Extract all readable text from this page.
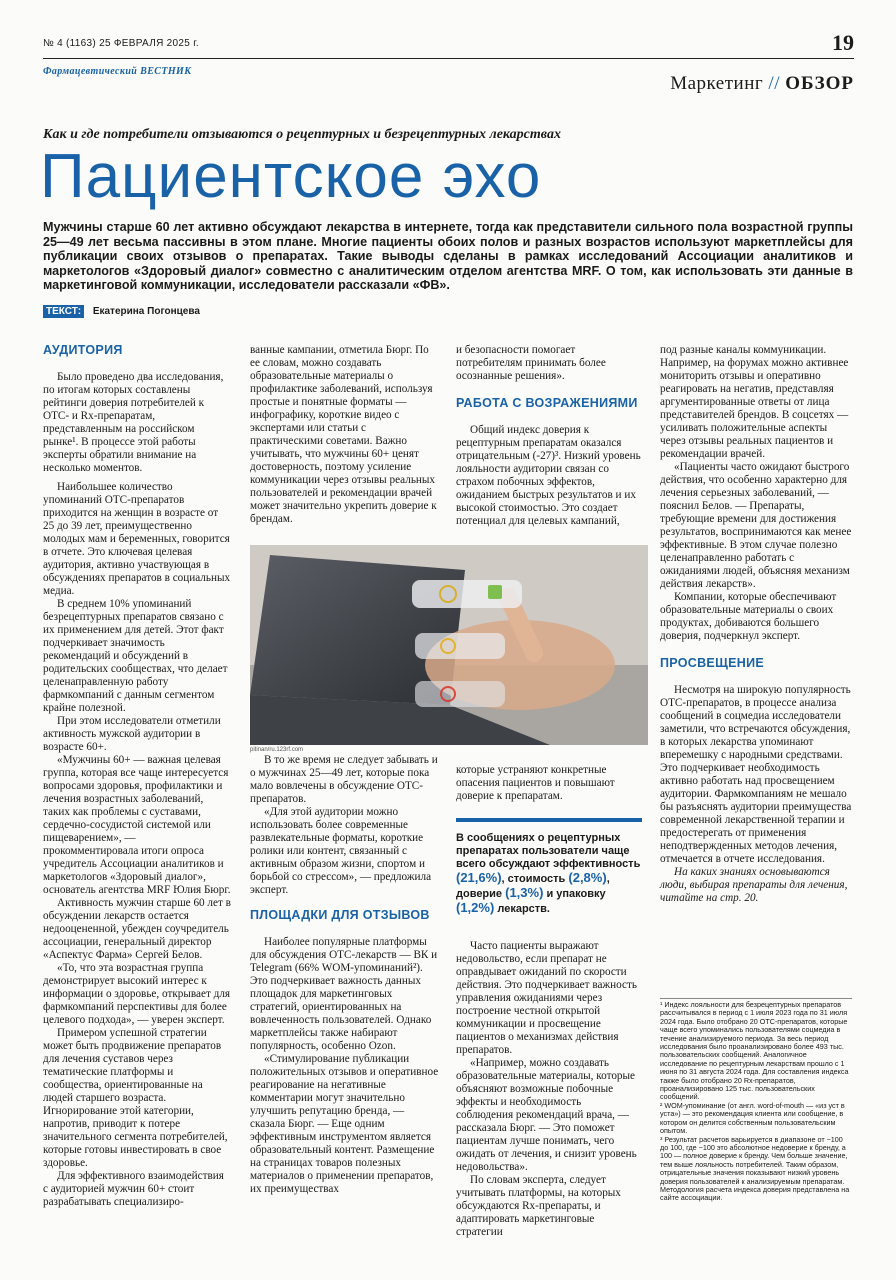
№ 4 (1163) 25 ФЕВРАЛЯ 2025 г.	19
Фармацевтический ВЕСТНИК
Маркетинг // ОБЗОР
Как и где потребители отзываются о рецептурных и безрецептурных лекарствах
Пациентское эхо
Мужчины старше 60 лет активно обсуждают лекарства в интернете, тогда как представители сильного пола возрастной группы 25—49 лет весьма пассивны в этом плане. Многие пациенты обоих полов и разных возрастов используют маркетплейсы для публикации своих отзывов о препаратах. Такие выводы сделаны в рамках исследований Ассоциации аналитиков и маркетологов «Здоровый диалог» совместно с аналитическим отделом агентства MRF. О том, как использовать эти данные в маркетинговой коммуникации, исследователи рассказали «ФВ».
ТЕКСТ: Екатерина Погонцева
АУДИТОРИЯ

Было проведено два исследования, по итогам которых составлены рейтинги доверия потребителей к ОТС- и Rx-препаратам, представленным на российском рынке¹. В процессе этой работы эксперты обратили внимание на несколько моментов.

Наибольшее количество упоминаний ОТС-препаратов приходится на женщин в возрасте от 25 до 39 лет, преимущественно молодых мам и беременных, говорится в отчете. Это ключевая целевая аудитория, активно участвующая в обсуждениях препаратов в социальных медиа.

В среднем 10% упоминаний безрецептурных препаратов связано с их применением для детей. Этот факт подчеркивает значимость рекомендаций и обсуждений в родительских сообществах, что делает целенаправленную работу фармкомпаний с данным сегментом крайне полезной.

При этом исследователи отметили активность мужской аудитории в возрасте 60+.

«Мужчины 60+ — важная целевая группа, которая все чаще интересуется вопросами здоровья, профилактики и лечения возрастных заболеваний, таких как проблемы с суставами, сердечно-сосудистой системой или пищеварением», — прокомментировала итоги опроса учредитель Ассоциации аналитиков и маркетологов «Здоровый диалог», основатель агентства MRF Юлия Бюрг.

Активность мужчин старше 60 лет в обсуждении лекарств остается недооцененной, убежден соучредитель ассоциации, генеральный директор «Аспектус Фарма» Сергей Белов.

«То, что эта возрастная группа демонстрирует высокий интерес к информации о здоровье, открывает для фармкомпаний перспективы для более целевого подхода», — уверен эксперт.

Примером успешной стратегии может быть продвижение препаратов для лечения суставов через тематические платформы и сообщества, ориентированные на людей старшего возраста. Игнорирование этой категории, напротив, приводит к потере значительного сегмента потребителей, которые готовы инвестировать в свое здоровье.

Для эффективного взаимодействия с аудиторией мужчин 60+ стоит разрабатывать специализиро-

ванные кампании, отметила Бюрг. По ее словам, можно создавать образовательные материалы о профилактике заболеваний, используя простые и понятные форматы — инфографику, короткие видео с экспертами или статьи с практическими советами. Важно учитывать, что мужчины 60+ ценят достоверность, поэтому усиление коммуникации через отзывы реальных пользователей и рекомендации врачей может значительно укрепить доверие к брендам.

В то же время не следует забывать и о мужчинах 25—49 лет, которые пока мало вовлечены в обсуждение ОТС-препаратов.

«Для этой аудитории можно использовать более современные развлекательные форматы, короткие ролики или контент, связанный с активным образом жизни, спортом и борьбой со стрессом», — предложила эксперт.

ПЛОЩАДКИ ДЛЯ ОТЗЫВОВ

Наиболее популярные платформы для обсуждения ОТС-лекарств — ВК и Telegram (66% WOM-упоминаний²). Это подчеркивает важность данных площадок для маркетинговых стратегий, ориентированных на вовлеченность пользователей. Однако маркетплейсы также набирают популярность, особенно Ozon.

«Стимулирование публикации положительных отзывов и оперативное реагирование на негативные комментарии могут значительно улучшить репутацию бренда, — сказала Бюрг. — Еще одним эффективным инструментом является образовательный контент. Размещение на страницах товаров полезных материалов о применении препаратов, их преимуществах

и безопасности помогает потребителям принимать более осознанные решения».

РАБОТА С ВОЗРАЖЕНИЯМИ

Общий индекс доверия к рецептурным препаратам оказался отрицательным (-27)³. Низкий уровень лояльности аудитории связан со страхом побочных эффектов, ожиданием быстрых результатов и их высокой стоимостью. Это создает потенциал для целевых кампаний,

которые устраняют конкретные опасения пациентов и повышают доверие к препаратам.

В сообщениях о рецептурных препаратах пользователи чаще всего обсуждают эффективность (21,6%), стоимость (2,8%), доверие (1,3%) и упаковку (1,2%) лекарств.

Часто пациенты выражают недовольство, если препарат не оправдывает ожиданий по скорости действия. Это подчеркивает важность управления ожиданиями через построение честной открытой коммуникации и просвещение пациентов о механизмах действия препаратов.

«Например, можно создавать образовательные материалы, которые объясняют возможные побочные эффекты и необходимость соблюдения рекомендаций врача, — рассказала Бюрг. — Это поможет пациентам лучше понимать, чего ожидать от лечения, и снизит уровень недовольства».

По словам эксперта, следует учитывать платформы, на которых обсуждаются Rx-препараты, и адаптировать маркетинговые стратегии

под разные каналы коммуникации. Например, на форумах можно активнее мониторить отзывы и оперативно реагировать на негатив, представляя аргументированные ответы от лица представителей брендов. В соцсетях — усиливать положительные аспекты через отзывы реальных пациентов и рекомендации врачей.

«Пациенты часто ожидают быстрого действия, что особенно характерно для лечения серьезных заболеваний, — пояснил Белов. — Препараты, требующие времени для достижения результатов, воспринимаются как менее эффективные. В этом случае полезно целенаправленно работать с ожиданиями людей, объясняя механизм действия лекарств».

Компании, которые обеспечивают образовательные материалы о своих продуктах, добиваются большего доверия, подчеркнул эксперт.

ПРОСВЕЩЕНИЕ

Несмотря на широкую популярность ОТС-препаратов, в процессе анализа сообщений в соцмедиа исследователи заметили, что встречаются обсуждения, в которых лекарства упоминают вперемешку с народными средствами. Это подчеркивает необходимость активно работать над просвещением аудитории. Фармкомпаниям не мешало бы разъяснять аудитории преимущества современной лекарственной терапии и предостерегать от применения неподтвержденных методов лечения, отмечается в отчете исследования.

На каких знаниях основываются люди, выбирая препараты для лечения, читайте на стр. 20.

¹ Индекс лояльности для безрецептурных препаратов рассчитывался в период с 1 июля 2023 года по 31 июля 2024 года. Было отобрано 20 ОТС-препаратов, которые чаще всего упоминались пользователями соцмедиа в течение анализируемого периода. За весь период исследования было проанализировано более 493 тыс. пользовательских сообщений. Аналогичное исследование по рецептурным лекарствам прошло с 1 июня по 31 августа 2024 года. Для составления индекса также было отобрано 20 Rx-препаратов, проанализировано 125 тыс. пользовательских сообщений.
² WOM-упоминание (от англ. word-of-mouth — «из уст в уста») — это рекомендация клиента или сообщение, в котором он делится собственным пользовательским опытом.
³ Результат расчетов варьируется в диапазоне от −100 до 100, где −100 это абсолютное недоверие к бренду, а 100 — полное доверие к бренду. Чем больше значение, тем выше лояльность потребителей. Таким образом, отрицательные значения показывают низкий уровень доверия пользователей к анализируемым препаратам. Методология расчета индекса доверия представлена на сайте ассоциации.
pitinan/ru.123rf.com
